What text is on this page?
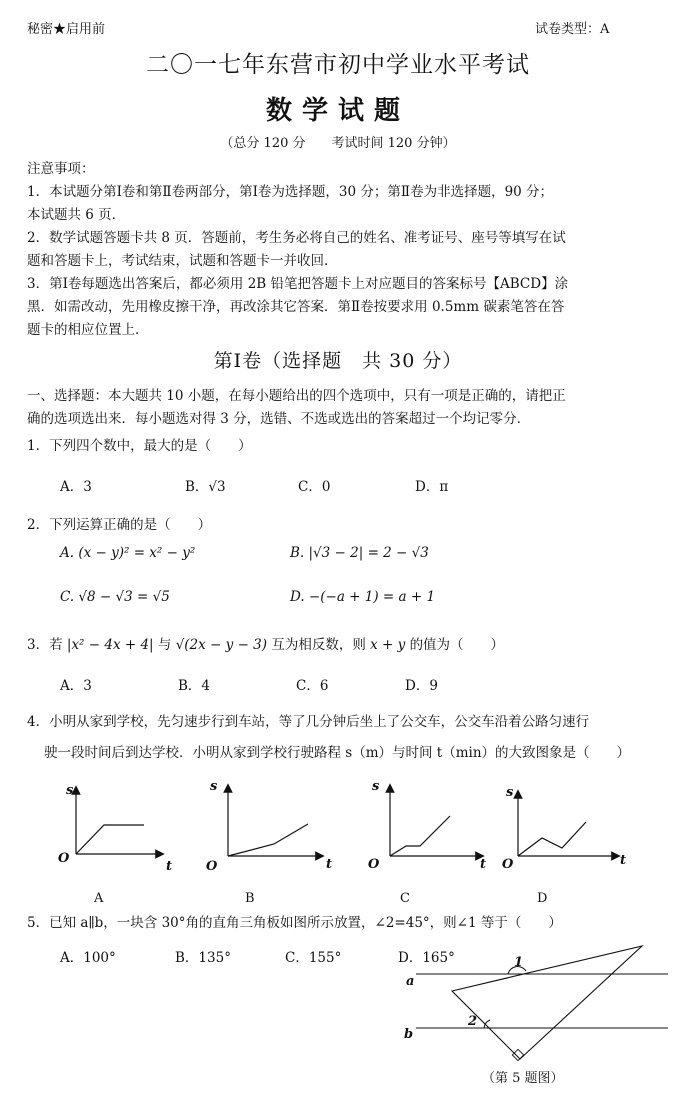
秘密★启用前	试卷类型：A
二〇一七年东营市初中学业水平考试
数学试题
（总分 120 分　　考试时间 120 分钟）
注意事项：
1．本试题分第Ⅰ卷和第Ⅱ卷两部分，第Ⅰ卷为选择题，30 分；第Ⅱ卷为非选择题，90 分；
本试题共 6 页．
2．数学试题答题卡共 8 页．答题前，考生务必将自己的姓名、准考证号、座号等填写在试
题和答题卡上，考试结束，试题和答题卡一并收回．
3．第Ⅰ卷每题选出答案后，都必须用 2B 铅笔把答题卡上对应题目的答案标号【ABCD】涂
黑．如需改动，先用橡皮擦干净，再改涂其它答案．第Ⅱ卷按要求用 0.5mm 碳素笔答在答
题卡的相应位置上．
第Ⅰ卷（选择题　共 30 分）
一、选择题：本大题共 10 小题，在每小题给出的四个选项中，只有一项是正确的，请把正
确的选项选出来．每小题选对得 3 分，选错、不选或选出的答案超过一个均记零分．
1．下列四个数中，最大的是（　　）
A．3	B．√3	C．0	D．π
2．下列运算正确的是（　　）
A. (x − y)² = x² − y²	B. |√3 − 2| = 2 − √3
C. √8 − √3 = √5	D. −(−a + 1) = a + 1
3．若 |x² − 4x + 4| 与 √(2x − y − 3) 互为相反数，则 x + y 的值为（　　）
A．3	B．4	C．6	D．9
4．小明从家到学校，先匀速步行到车站，等了几分钟后坐上了公交车，公交车沿着公路匀速行
驶一段时间后到达学校．小明从家到学校行驶路程 s（m）与时间 t（min）的大致图象是（　　）
s
O
t
A
s
O	t
B
s
O	t
C
s
O	t
D
5．已知 a∥b，一块含 30°角的直角三角板如图所示放置，∠2=45°，则∠1 等于（　　）
A．100°	B．135°	C．155°	D．165°
a
b
1
2
（第 5 题图）
